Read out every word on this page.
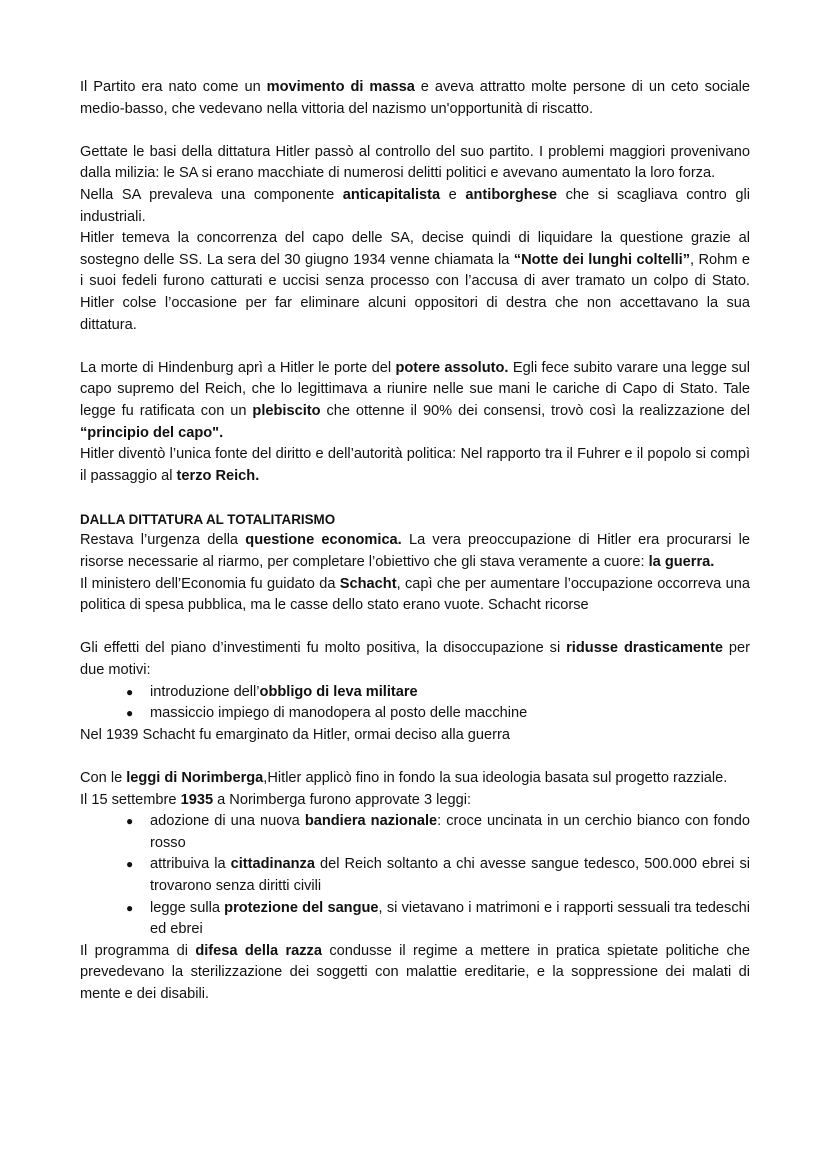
Il Partito era nato come un movimento di massa e aveva attratto molte persone di un ceto sociale medio-basso, che vedevano nella vittoria del nazismo un'opportunità di riscatto.

Gettate le basi della dittatura Hitler passò al controllo del suo partito. I problemi maggiori provenivano dalla milizia: le SA si erano macchiate di numerosi delitti politici e avevano aumentato la loro forza.

Nella SA prevaleva una componente anticapitalista e antiborghese che si scagliava contro gli industriali.

Hitler temeva la concorrenza del capo delle SA, decise quindi di liquidare la questione grazie al sostegno delle SS. La sera del 30 giugno 1934 venne chiamata la “Notte dei lunghi coltelli”, Rohm e i suoi fedeli furono catturati e uccisi senza processo con l’accusa di aver tramato un colpo di Stato. Hitler colse l’occasione per far eliminare alcuni oppositori di destra che non accettavano la sua dittatura.

La morte di Hindenburg aprì a Hitler le porte del potere assoluto. Egli fece subito varare una legge sul capo supremo del Reich, che lo legittimava a riunire nelle sue mani le cariche di Capo di Stato. Tale legge fu ratificata con un plebiscito che ottenne il 90% dei consensi, trovò così la realizzazione del “principio del capo".

Hitler diventò l’unica fonte del diritto e dell’autorità politica: Nel rapporto tra il Fuhrer e il popolo si compì il passaggio al terzo Reich.

DALLA DITTATURA AL TOTALITARISMO

Restava l’urgenza della questione economica. La vera preoccupazione di Hitler era procurarsi le risorse necessarie al riarmo, per completare l’obiettivo che gli stava veramente a cuore: la guerra.

Il ministero dell’Economia fu guidato da Schacht, capì che per aumentare l’occupazione occorreva una politica di spesa pubblica, ma le casse dello stato erano vuote. Schacht ricorse

Gli effetti del piano d’investimenti fu molto positiva, la disoccupazione si ridusse drasticamente per due motivi:

● introduzione dell’obbligo di leva militare
● massiccio impiego di manodopera al posto delle macchine

Nel 1939 Schacht fu emarginato da Hitler, ormai deciso alla guerra

Con le leggi di Norimberga,Hitler applicò fino in fondo la sua ideologia basata sul progetto razziale.

Il 15 settembre 1935 a Norimberga furono approvate 3 leggi:

● adozione di una nuova bandiera nazionale: croce uncinata in un cerchio bianco con fondo rosso
● attribuiva la cittadinanza del Reich soltanto a chi avesse sangue tedesco, 500.000 ebrei si trovarono senza diritti civili
● legge sulla protezione del sangue, si vietavano i matrimoni e i rapporti sessuali tra tedeschi ed ebrei

Il programma di difesa della razza condusse il regime a mettere in pratica spietate politiche che prevedevano la sterilizzazione dei soggetti con malattie ereditarie, e la soppressione dei malati di mente e dei disabili.
